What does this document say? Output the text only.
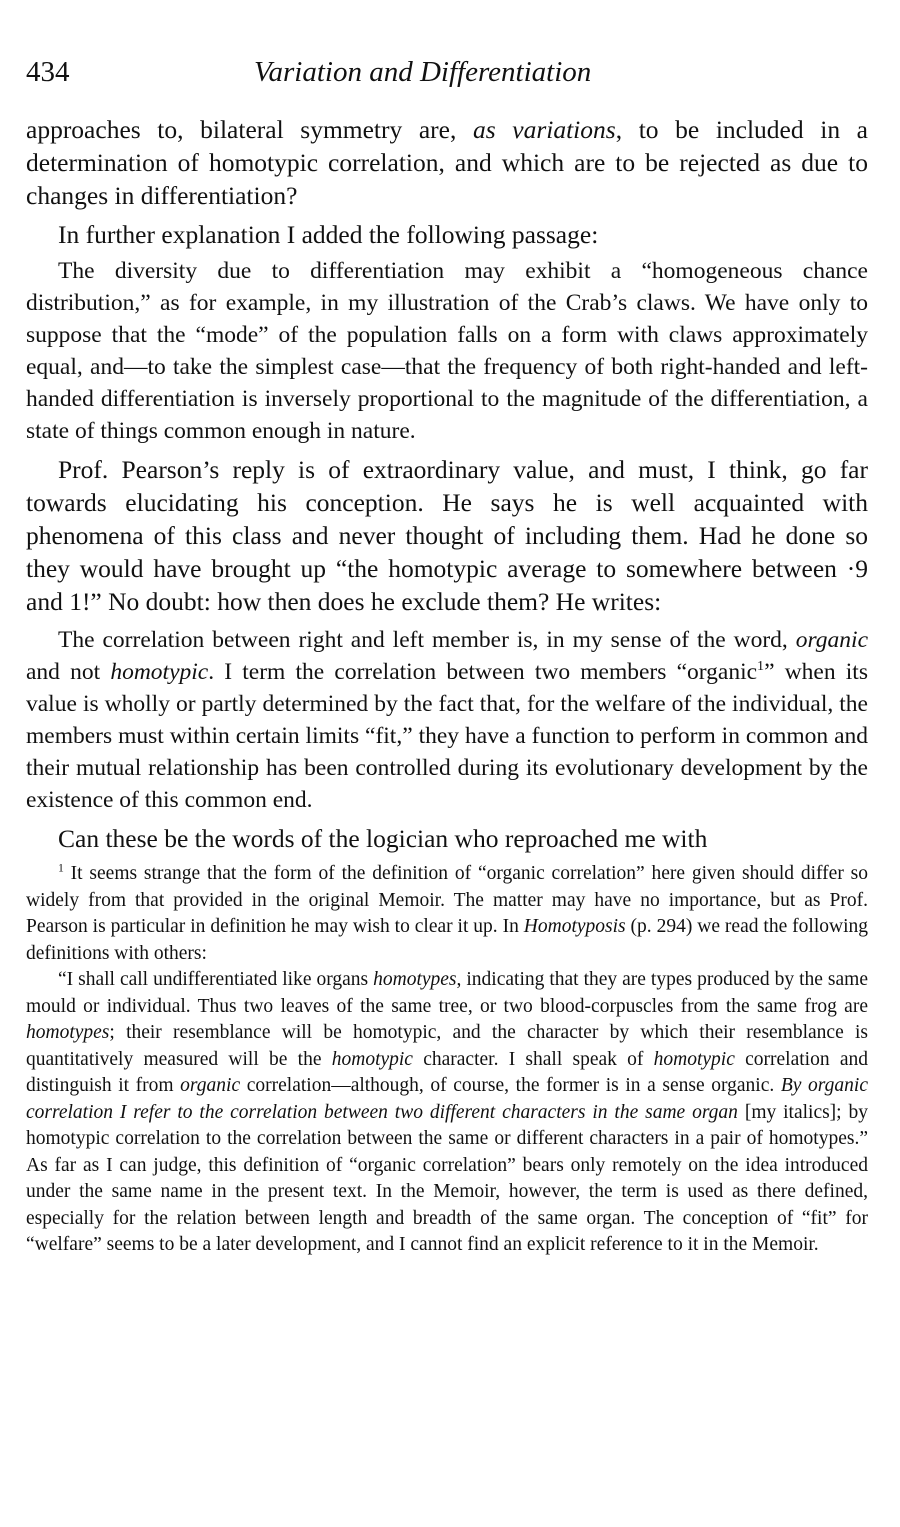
434	Variation and Differentiation

approaches to, bilateral symmetry are, as variations, to be included in a determination of homotypic correlation, and which are to be rejected as due to changes in differentiation?

In further explanation I added the following passage:

The diversity due to differentiation may exhibit a “homogeneous chance distribution,” as for example, in my illustration of the Crab’s claws. We have only to suppose that the “mode” of the population falls on a form with claws approximately equal, and—to take the simplest case—that the frequency of both right-handed and left-handed differentiation is inversely proportional to the magnitude of the differentiation, a state of things common enough in nature.

Prof. Pearson’s reply is of extraordinary value, and must, I think, go far towards elucidating his conception. He says he is well acquainted with phenomena of this class and never thought of including them. Had he done so they would have brought up “the homotypic average to somewhere between ·9 and 1!” No doubt: how then does he exclude them? He writes:

The correlation between right and left member is, in my sense of the word, organic and not homotypic. I term the correlation between two members “organic$^1$” when its value is wholly or partly determined by the fact that, for the welfare of the individual, the members must within certain limits “fit,” they have a function to perform in common and their mutual relationship has been controlled during its evolutionary development by the existence of this common end.

Can these be the words of the logician who reproached me with

$^1$ It seems strange that the form of the definition of “organic correlation” here given should differ so widely from that provided in the original Memoir. The matter may have no importance, but as Prof. Pearson is particular in definition he may wish to clear it up. In Homotyposis (p. 294) we read the following definitions with others:

“I shall call undifferentiated like organs homotypes, indicating that they are types produced by the same mould or individual. Thus two leaves of the same tree, or two blood-corpuscles from the same frog are homotypes; their resemblance will be homotypic, and the character by which their resemblance is quantitatively measured will be the homotypic character. I shall speak of homotypic correlation and distinguish it from organic correlation—although, of course, the former is in a sense organic. By organic correlation I refer to the correlation between two different characters in the same organ [my italics]; by homotypic correlation to the correlation between the same or different characters in a pair of homotypes.” As far as I can judge, this definition of “organic correlation” bears only remotely on the idea introduced under the same name in the present text. In the Memoir, however, the term is used as there defined, especially for the relation between length and breadth of the same organ. The conception of “fit” for “welfare” seems to be a later development, and I cannot find an explicit reference to it in the Memoir.
